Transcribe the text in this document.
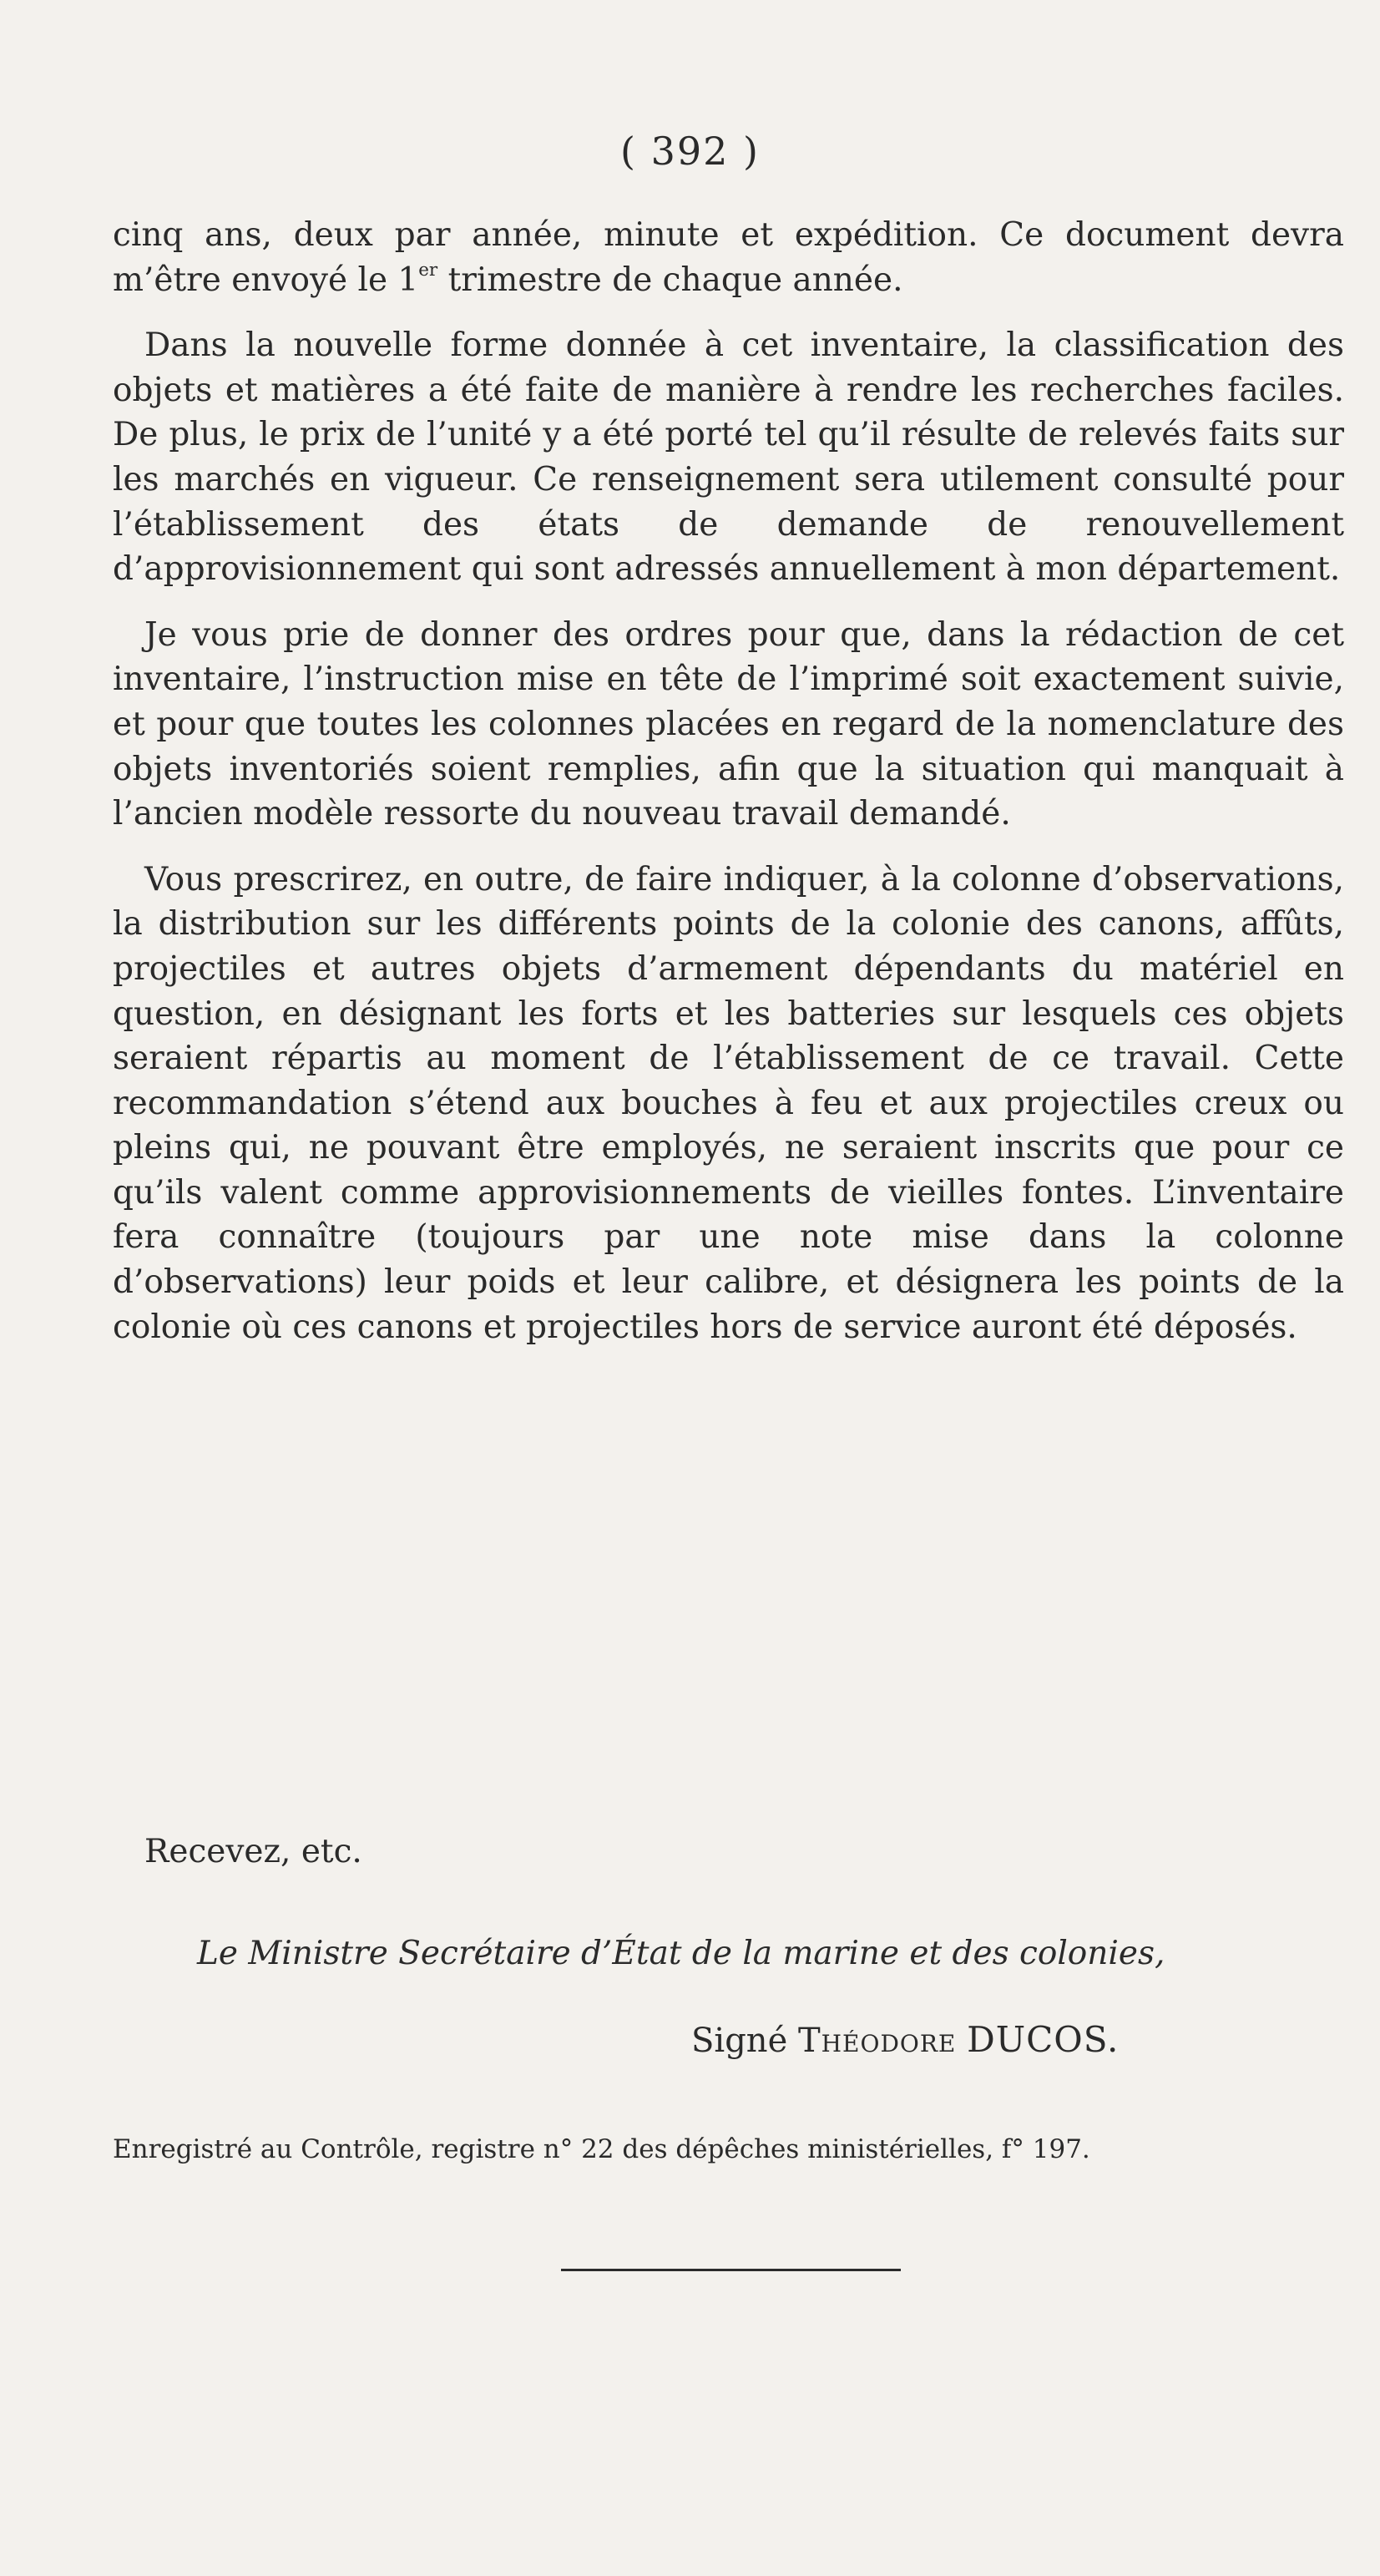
( 392 )

cinq ans, deux par année, minute et expédition. Ce document devra m’être envoyé le 1er trimestre de chaque année.

Dans la nouvelle forme donnée à cet inventaire, la classification des objets et matières a été faite de manière à rendre les recherches faciles. De plus, le prix de l’unité y a été porté tel qu’il résulte de relevés faits sur les marchés en vigueur. Ce renseignement sera utilement consulté pour l’établissement des états de demande de renouvellement d’approvisionnement qui sont adressés annuellement à mon département.

Je vous prie de donner des ordres pour que, dans la rédaction de cet inventaire, l’instruction mise en tête de l’imprimé soit exactement suivie, et pour que toutes les colonnes placées en regard de la nomenclature des objets inventoriés soient remplies, afin que la situation qui manquait à l’ancien modèle ressorte du nouveau travail demandé.

Vous prescrirez, en outre, de faire indiquer, à la colonne d’observations, la distribution sur les différents points de la colonie des canons, affûts, projectiles et autres objets d’armement dépendants du matériel en question, en désignant les forts et les batteries sur lesquels ces objets seraient répartis au moment de l’établissement de ce travail. Cette recommandation s’étend aux bouches à feu et aux projectiles creux ou pleins qui, ne pouvant être employés, ne seraient inscrits que pour ce qu’ils valent comme approvisionnements de vieilles fontes. L’inventaire fera connaître (toujours par une note mise dans la colonne d’observations) leur poids et leur calibre, et désignera les points de la colonie où ces canons et projectiles hors de service auront été déposés.

Recevez, etc.
Le Ministre Secrétaire d’État de la marine et des colonies,
Signé Théodore DUCOS.
Enregistré au Contrôle, registre n° 22 des dépêches ministérielles, f° 197.
